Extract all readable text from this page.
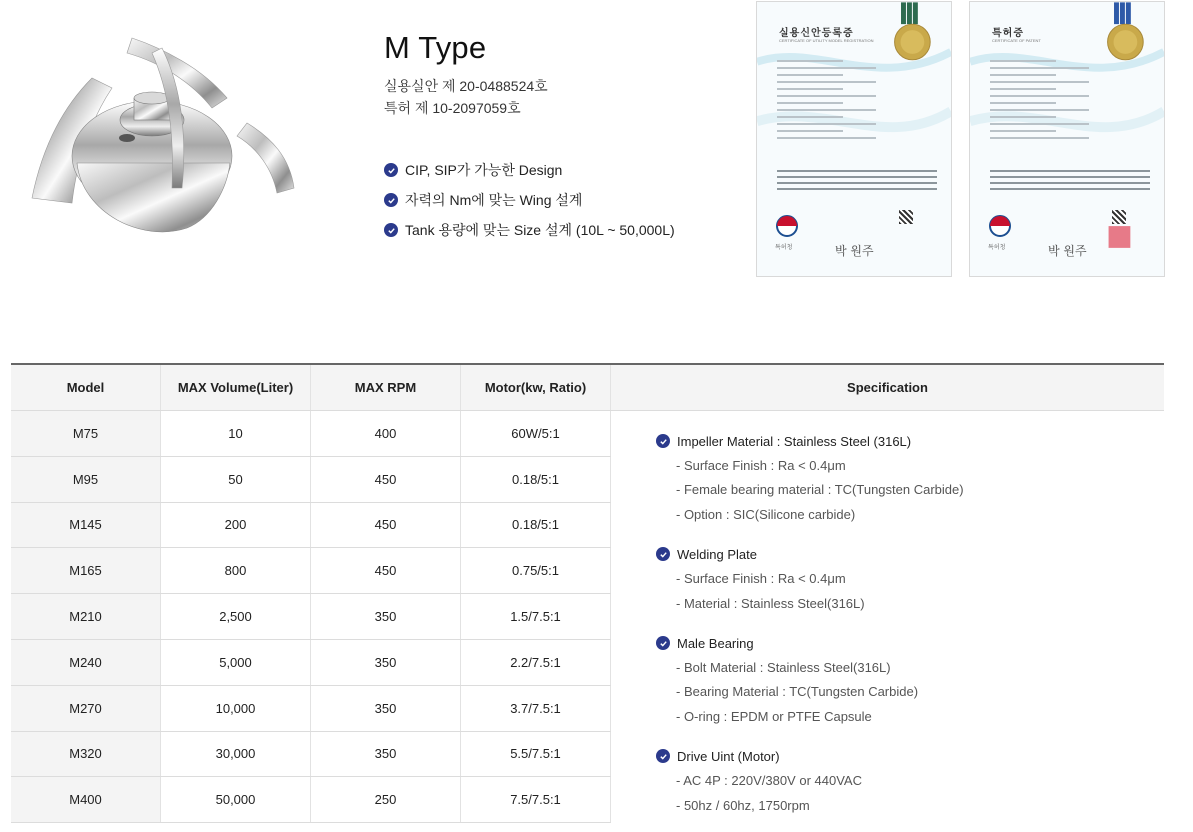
M Type
실용실안 제 20-0488524호
특허 제 10-2097059호
CIP, SIP가 가능한 Design
자력의 Nm에 맞는 Wing 설계
Tank 용량에 맞는 Size 설계 (10L ~ 50,000L)
실용신안등록증
CERTIFICATE OF UTILITY MODEL REGISTRATION
특허청	박 원주
특허증
CERTIFICATE OF PATENT
특허청	박 원주
Model	MAX Volume(Liter)	MAX RPM	Motor(kw, Ratio)	Specification
M75	10	400	60W/5:1
M95	50	450	0.18/5:1
M145	200	450	0.18/5:1
M165	800	450	0.75/5:1
M210	2,500	350	1.5/7.5:1
M240	5,000	350	2.2/7.5:1
M270	10,000	350	3.7/7.5:1
M320	30,000	350	5.5/7.5:1
M400	50,000	250	7.5/7.5:1
Impeller Material : Stainless Steel (316L)
- Surface Finish : Ra < 0.4μm
- Female bearing material : TC(Tungsten Carbide)
- Option : SIC(Silicone carbide)
Welding Plate
- Surface Finish : Ra < 0.4μm
- Material : Stainless Steel(316L)
Male Bearing
- Bolt Material : Stainless Steel(316L)
- Bearing Material : TC(Tungsten Carbide)
- O-ring : EPDM or PTFE Capsule
Drive Uint (Motor)
- AC 4P : 220V/380V or 440VAC
- 50hz / 60hz, 1750rpm
